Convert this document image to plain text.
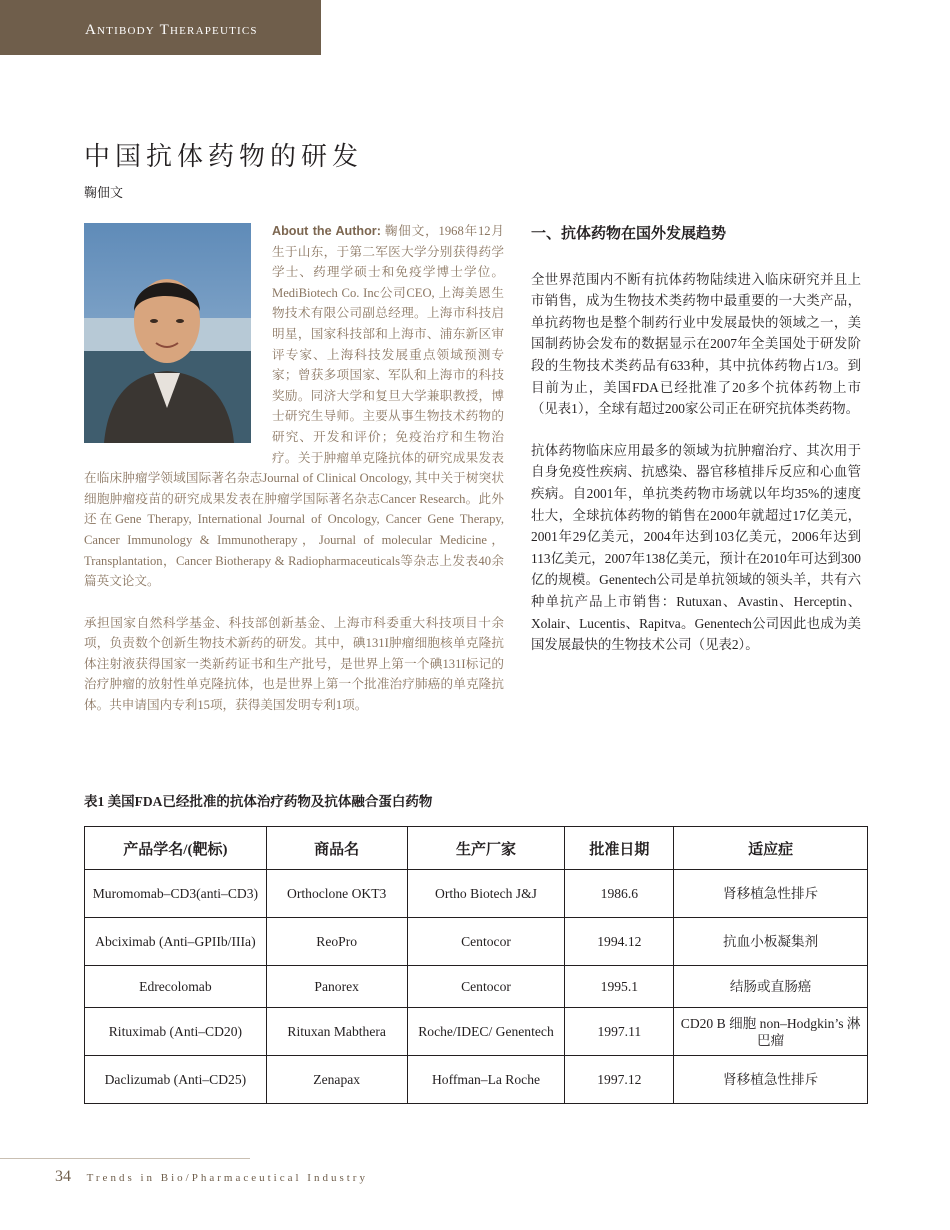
Antibody Therapeutics
中国抗体药物的研发
鞠佃文

About the Author: 鞠佃文，1968年12月生于山东，于第二军医大学分别获得药学学士、药理学硕士和免疫学博士学位。MediBiotech Co. Inc公司CEO, 上海美恩生物技术有限公司副总经理。上海市科技启明星，国家科技部和上海市、浦东新区审评专家、上海科技发展重点领域预测专家；曾获多项国家、军队和上海市的科技奖励。同济大学和复旦大学兼职教授，博士研究生导师。主要从事生物技术药物的研究、开发和评价；免疫治疗和生物治疗。关于肿瘤单克隆抗体的研究成果发表在临床肿瘤学领域国际著名杂志Journal of Clinical Oncology, 其中关于树突状细胞肿瘤疫苗的研究成果发表在肿瘤学国际著名杂志Cancer Research。此外还在Gene Therapy, International Journal of Oncology, Cancer Gene Therapy, Cancer Immunology & Immunotherapy，Journal of molecular Medicine，Transplantation，Cancer Biotherapy & Radiopharmaceuticals等杂志上发表40余篇英文论文。

承担国家自然科学基金、科技部创新基金、上海市科委重大科技项目十余项，负责数个创新生物技术新药的研发。其中，碘131I肿瘤细胞核单克隆抗体注射液获得国家一类新药证书和生产批号，是世界上第一个碘131I标记的治疗肿瘤的放射性单克隆抗体，也是世界上第一个批准治疗肺癌的单克隆抗体。共申请国内专利15项，获得美国发明专利1项。

一、抗体药物在国外发展趋势

全世界范围内不断有抗体药物陆续进入临床研究并且上市销售，成为生物技术类药物中最重要的一大类产品， 单抗药物也是整个制药行业中发展最快的领域之一，美国制药协会发布的数据显示在2007年全美国处于研发阶段的生物技术类药品有633种，其中抗体药物占1/3。到目前为止，美国FDA已经批准了20多个抗体药物上市（见表1），全球有超过200家公司正在研究抗体类药物。

抗体药物临床应用最多的领域为抗肿瘤治疗、其次用于自身免疫性疾病、抗感染、器官移植排斥反应和心血管疾病。自2001年，单抗类药物市场就以年均35%的速度壮大，全球抗体药物的销售在2000年就超过17亿美元，2001年29亿美元，2004年达到103亿美元，2006年达到113亿美元，2007年138亿美元，预计在2010年可达到300亿的规模。Genentech公司是单抗领域的领头羊，共有六种单抗产品上市销售：Rutuxan、Avastin、Herceptin、Xolair、Lucentis、Rapitva。Genentech公司因此也成为美国发展最快的生物技术公司（见表2）。

表1 美国FDA已经批准的抗体治疗药物及抗体融合蛋白药物
产品学名/(靶标)	商品名	生产厂家	批准日期	适应症
Muromomab–CD3(anti–CD3)	Orthoclone OKT3	Ortho Biotech J&J	1986.6	肾移植急性排斥
Abciximab (Anti–GPIIb/IIIa)	ReoPro	Centocor	1994.12	抗血小板凝集剂
Edrecolomab	Panorex	Centocor	1995.1	结肠或直肠癌
Rituximab (Anti–CD20)	Rituxan Mabthera	Roche/IDEC/ Genentech	1997.11	CD20 B 细胞 non–Hodgkin’s 淋巴瘤
Daclizumab (Anti–CD25)	Zenapax	Hoffman–La Roche	1997.12	肾移植急性排斥
34 Trends in Bio/Pharmaceutical Industry
